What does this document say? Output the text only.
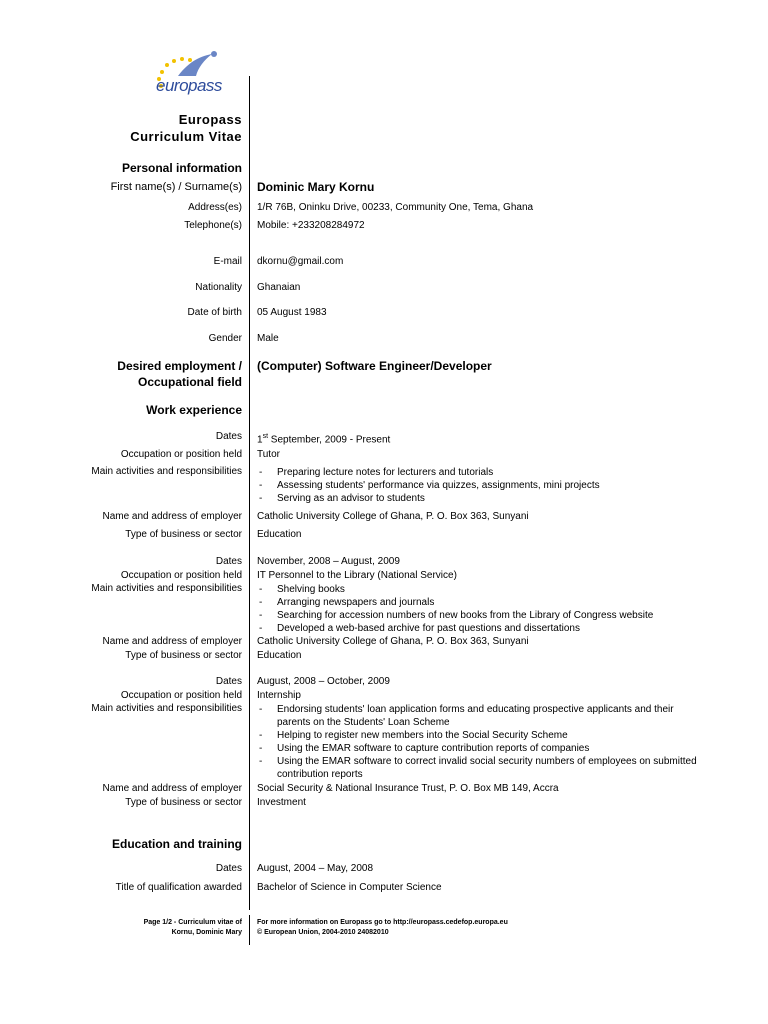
europass
Europass
Curriculum Vitae
Personal information
First name(s) / Surname(s) Dominic Mary Kornu
Address(es) 1/R 76B, Oninku Drive, 00233, Community One, Tema, Ghana
Telephone(s) Mobile: +233208284972
E-mail dkornu@gmail.com
Nationality Ghanaian
Date of birth 05 August 1983
Gender Male
Desired employment /
Occupational field
(Computer) Software Engineer/Developer
Work experience
Dates 1st September, 2009 - Present
Occupation or position held Tutor
Main activities and responsibilities	- Preparing lecture notes for lecturers and tutorials
- Assessing students' performance via quizzes, assignments, mini projects
- Serving as an advisor to students
Name and address of employer Catholic University College of Ghana, P. O. Box 363, Sunyani
Type of business or sector Education
Dates November, 2008 – August, 2009
Occupation or position held IT Personnel to the Library (National Service)
Main activities and responsibilities	- Shelving books
- Arranging newspapers and journals
- Searching for accession numbers of new books from the Library of Congress website
- Developed a web-based archive for past questions and dissertations
Name and address of employer Catholic University College of Ghana, P. O. Box 363, Sunyani
Type of business or sector Education
Dates August, 2008 – October, 2009
Occupation or position held Internship
Main activities and responsibilities	- Endorsing students' loan application forms and educating prospective applicants and their
parents on the Students' Loan Scheme
- Helping to register new members into the Social Security Scheme
- Using the EMAR software to capture contribution reports of companies
- Using the EMAR software to correct invalid social security numbers of employees on submitted
contribution reports
Name and address of employer Social Security & National Insurance Trust, P. O. Box MB 149, Accra
Type of business or sector Investment
Education and training
Dates August, 2004 – May, 2008
Title of qualification awarded Bachelor of Science in Computer Science
Page 1/2 - Curriculum vitae of
Kornu, Dominic Mary
For more information on Europass go to http://europass.cedefop.europa.eu
© European Union, 2004-2010 24082010
